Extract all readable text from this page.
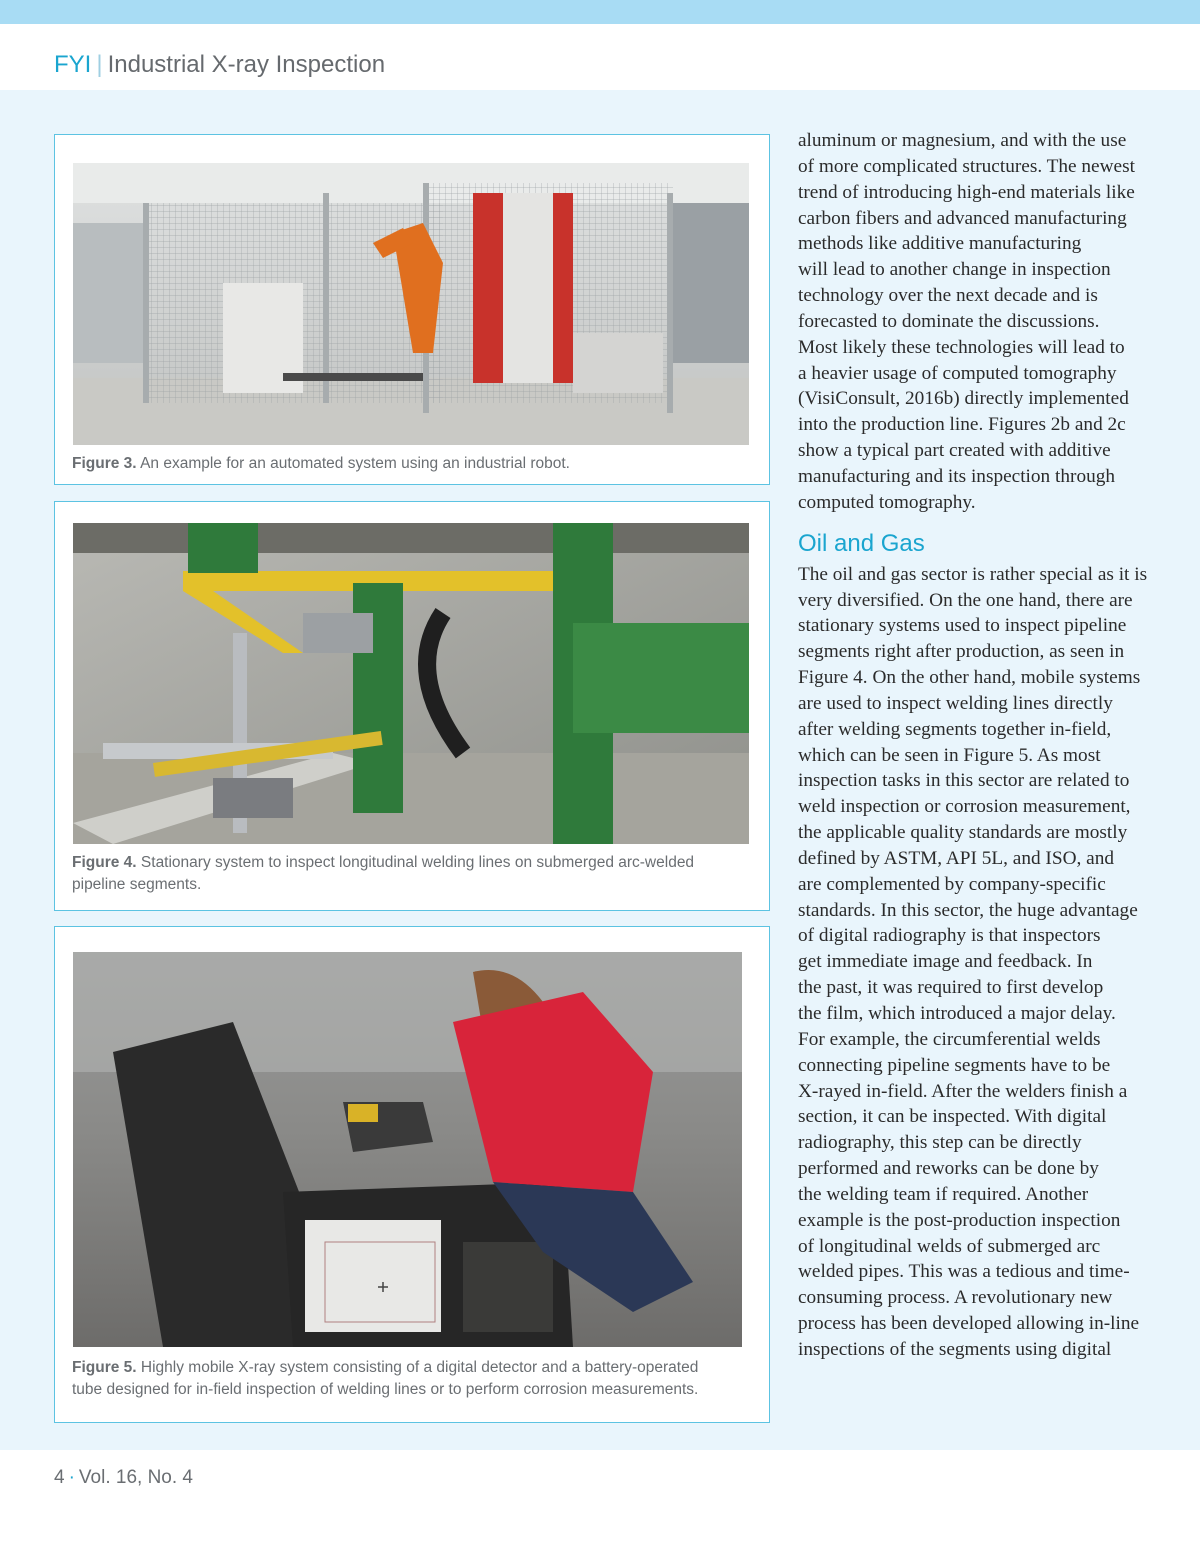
FYI | Industrial X-ray Inspection
Figure 3. An example for an automated system using an industrial robot.
Figure 4. Stationary system to inspect longitudinal welding lines on submerged arc-welded
pipeline segments.
Figure 5. Highly mobile X-ray system consisting of a digital detector and a battery-operated
tube designed for in-field inspection of welding lines or to perform corrosion measurements.
aluminum or magnesium, and with the use
of more complicated structures. The newest
trend of introducing high-end materials like
carbon fibers and advanced manufacturing
methods like additive manufacturing
will lead to another change in inspection
technology over the next decade and is
forecasted to dominate the discussions.
Most likely these technologies will lead to
a heavier usage of computed tomography
(VisiConsult, 2016b) directly implemented
into the production line. Figures 2b and 2c
show a typical part created with additive
manufacturing and its inspection through
computed tomography.
Oil and Gas
The oil and gas sector is rather special as it is
very diversified. On the one hand, there are
stationary systems used to inspect pipeline
segments right after production, as seen in
Figure 4. On the other hand, mobile systems
are used to inspect welding lines directly
after welding segments together in-field,
which can be seen in Figure 5. As most
inspection tasks in this sector are related to
weld inspection or corrosion measurement,
the applicable quality standards are mostly
defined by ASTM, API 5L, and ISO, and
are complemented by company-specific
standards. In this sector, the huge advantage
of digital radiography is that inspectors
get immediate image and feedback. In
the past, it was required to first develop
the film, which introduced a major delay.
For example, the circumferential welds
connecting pipeline segments have to be
X-rayed in-field. After the welders finish a
section, it can be inspected. With digital
radiography, this step can be directly
performed and reworks can be done by
the welding team if required. Another
example is the post-production inspection
of longitudinal welds of submerged arc
welded pipes. This was a tedious and time-
consuming process. A revolutionary new
process has been developed allowing in-line
inspections of the segments using digital
4 · Vol. 16, No. 4
